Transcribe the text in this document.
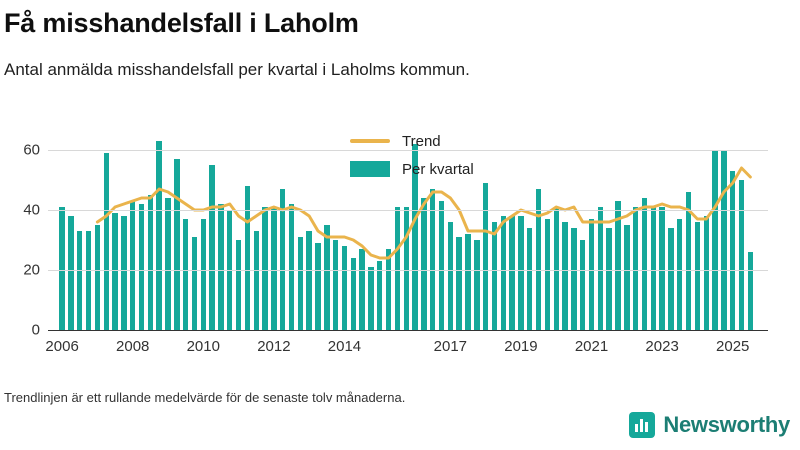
Få misshandelsfall i Laholm
Antal anmälda misshandelsfall per kvartal i Laholms kommun.
0
20
40
60
2006 2008 2010 2012 2014	2017 2019 2021 2023 2025
Trend
Per kvartal
Trendlinjen är ett rullande medelvärde för de senaste tolv månaderna.
Newsworthy
